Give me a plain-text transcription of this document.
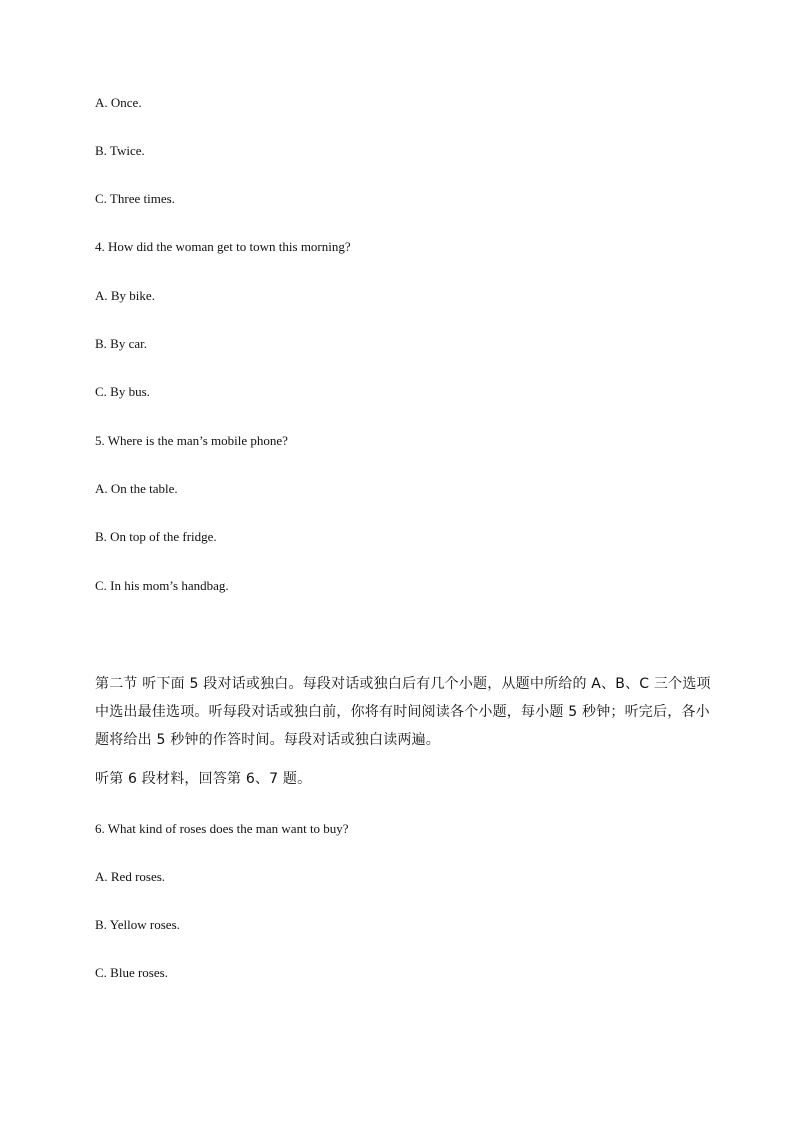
A. Once.
B. Twice.
C. Three times.
4. How did the woman get to town this morning?
A. By bike.
B. By car.
C. By bus.
5. Where is the man’s mobile phone?
A. On the table.
B. On top of the fridge.
C. In his mom’s handbag.
第二节 听下面 5 段对话或独白。每段对话或独白后有几个小题，从题中所给的 A、B、C 三个选项
中选出最佳选项。听每段对话或独白前，你将有时间阅读各个小题，每小题 5 秒钟；听完后，各小
题将给出 5 秒钟的作答时间。每段对话或独白读两遍。
听第 6 段材料，回答第 6、7 题。
6. What kind of roses does the man want to buy?
A. Red roses.
B. Yellow roses.
C. Blue roses.
